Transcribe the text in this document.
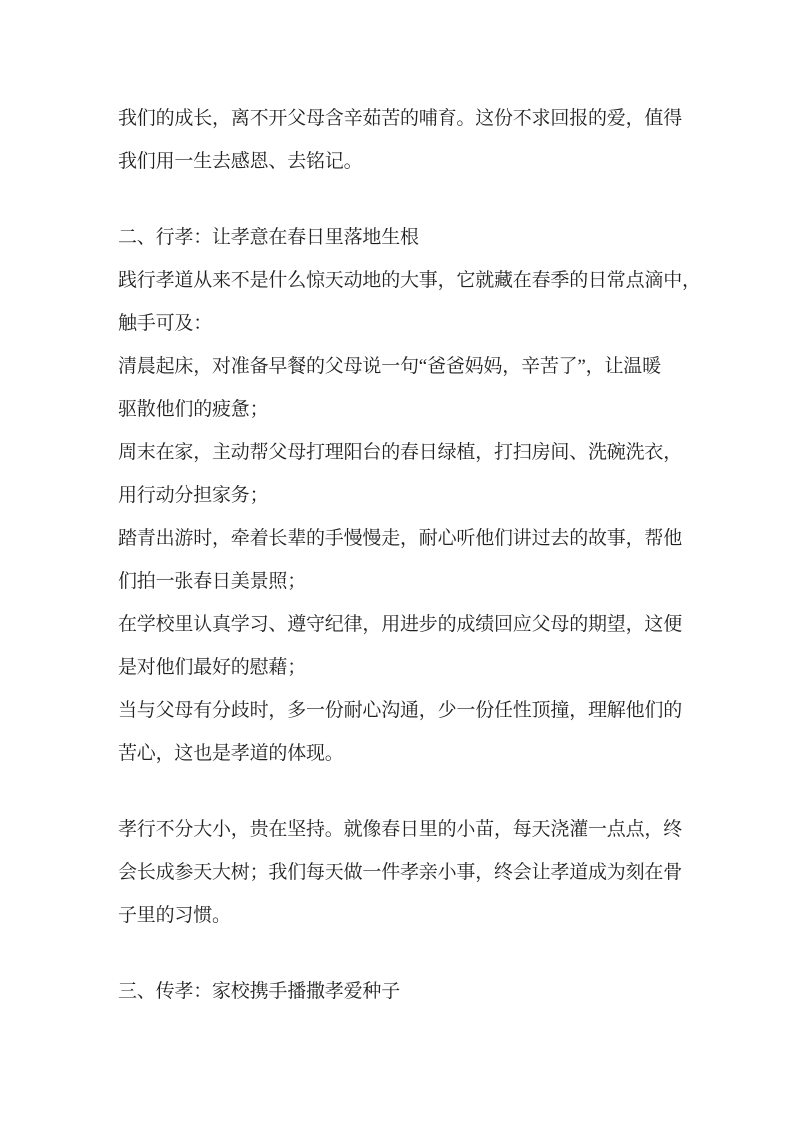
我们的成长，离不开父母含辛茹苦的哺育。这份不求回报的爱，值得
我们用一生去感恩、去铭记。
二、行孝：让孝意在春日里落地生根
践行孝道从来不是什么惊天动地的大事，它就藏在春季的日常点滴中，
触手可及：
清晨起床，对准备早餐的父母说一句“爸爸妈妈，辛苦了”，让温暖
驱散他们的疲惫；
周末在家，主动帮父母打理阳台的春日绿植，打扫房间、洗碗洗衣，
用行动分担家务；
踏青出游时，牵着长辈的手慢慢走，耐心听他们讲过去的故事，帮他
们拍一张春日美景照；
在学校里认真学习、遵守纪律，用进步的成绩回应父母的期望，这便
是对他们最好的慰藉；
当与父母有分歧时，多一份耐心沟通，少一份任性顶撞，理解他们的
苦心，这也是孝道的体现。
孝行不分大小，贵在坚持。就像春日里的小苗，每天浇灌一点点，终
会长成参天大树；我们每天做一件孝亲小事，终会让孝道成为刻在骨
子里的习惯。
三、传孝：家校携手播撒孝爱种子
